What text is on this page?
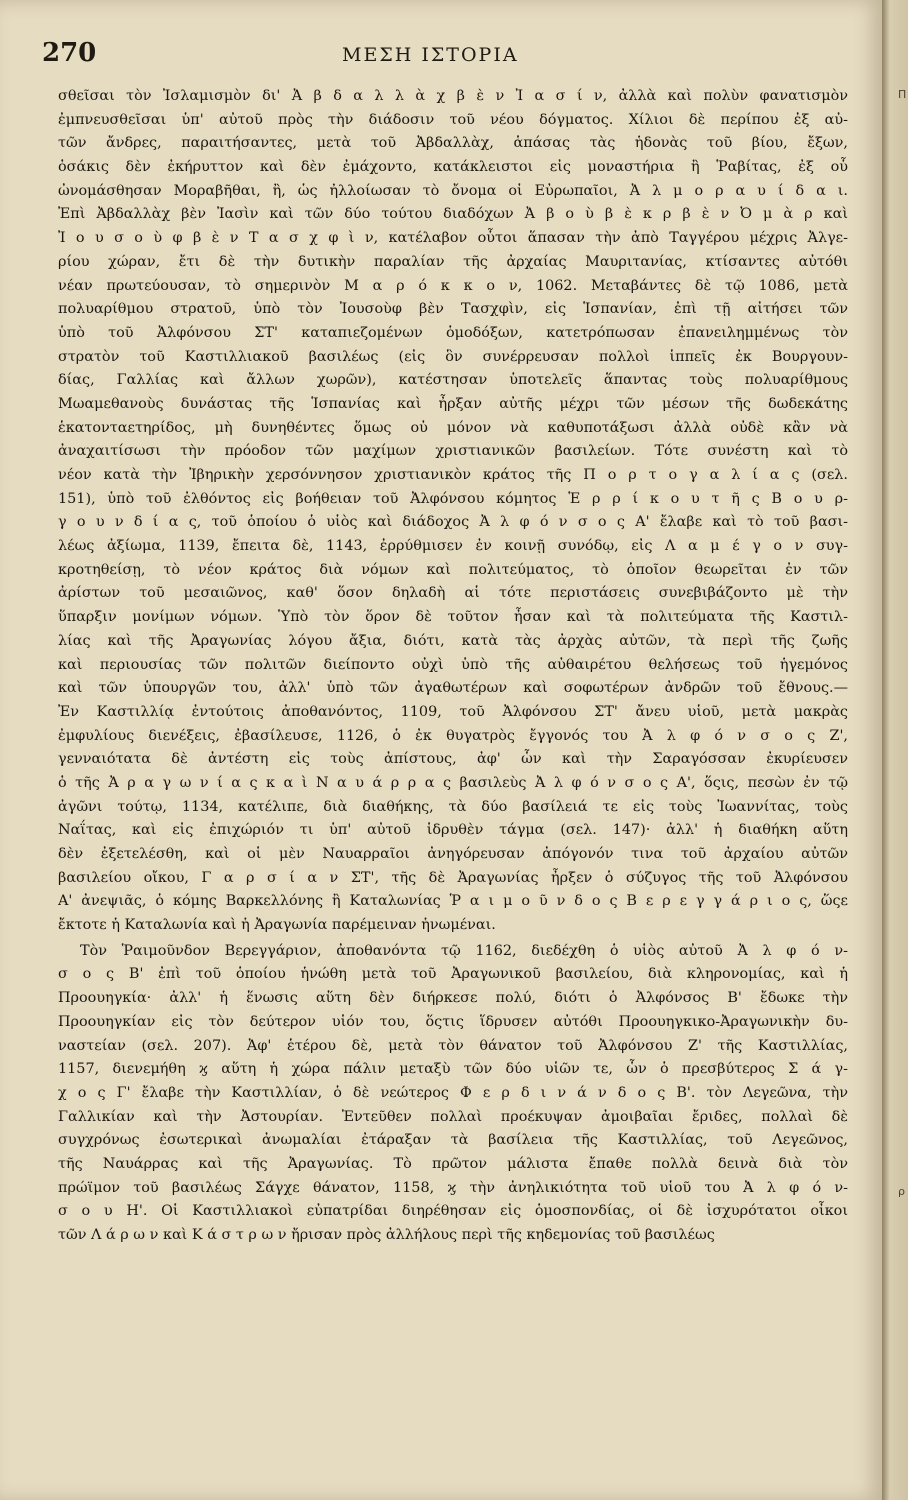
270	ΜΕΣΗ ΙΣΤΟΡΙΑ
σθεῖσαι τὸν Ἰσλαμισμὸν δι' Ἀ β δ α λ λ ὰ χ β ὲ ν Ἰ α σ ί ν, ἀλλὰ καὶ πολὺν φανατισμὸν
ἐμπνευσθεῖσαι ὑπ' αὐτοῦ πρὸς τὴν διάδοσιν τοῦ νέου δόγματος. Χίλιοι δὲ περίπου ἐξ αὐ-
τῶν ἄνδρες, παραιτήσαντες, μετὰ τοῦ Ἀβδαλλὰχ, ἁπάσας τὰς ἡδονὰς τοῦ βίου, ἔξων,
ὁσάκις δὲν ἐκήρυττον καὶ δὲν ἐμάχοντο, κατάκλειστοι εἰς μοναστήρια ἢ Ῥαβίτας, ἐξ οὗ
ὠνομάσθησαν Μοραβῆθαι, ἢ, ὡς ἠλλοίωσαν τὸ ὄνομα οἱ Εὐρωπαῖοι, Ἀ λ μ ο ρ α υ ί δ α ι.
Ἐπὶ Ἀβδαλλὰχ βὲν Ἰασὶν καὶ τῶν δύο τούτου διαδόχων Ἀ β ο ὺ β ὲ κ ρ β ὲ ν Ὀ μ ὰ ρ καὶ
Ἰ ο υ σ ο ὺ φ β ὲ ν Τ α σ χ φ ὶ ν, κατέλαβον οὗτοι ἅπασαν τὴν ἀπὸ Ταγγέρου μέχρις Ἀλγε-
ρίου χώραν, ἔτι δὲ τὴν δυτικὴν παραλίαν τῆς ἀρχαίας Μαυριτανίας, κτίσαντες αὐτόθι
νέαν πρωτεύουσαν, τὸ σημερινὸν Μ α ρ ό κ κ ο ν, 1062. Μεταβάντες δὲ τῷ 1086, μετὰ
πολυαρίθμου στρατοῦ, ὑπὸ τὸν Ἰουσοὺφ βὲν Τασχφὶν, εἰς Ἱσπανίαν, ἐπὶ τῇ αἰτήσει τῶν
ὑπὸ τοῦ Ἀλφόνσου ΣΤ' καταπιεζομένων ὁμοδόξων, κατετρόπωσαν ἐπανειλημμένως τὸν
στρατὸν τοῦ Καστιλλιακοῦ βασιλέως (εἰς ὃν συνέρρευσαν πολλοὶ ἱππεῖς ἐκ Βουργουν-
δίας, Γαλλίας καὶ ἄλλων χωρῶν), κατέστησαν ὑποτελεῖς ἅπαντας τοὺς πολυαρίθμους
Μωαμεθανοὺς δυνάστας τῆς Ἱσπανίας καὶ ἦρξαν αὐτῆς μέχρι τῶν μέσων τῆς δωδεκάτης
ἑκατονταετηρίδος, μὴ δυνηθέντες ὅμως οὐ μόνον νὰ καθυποτάξωσι ἀλλὰ οὐδὲ κἂν νὰ
ἀναχαιτίσωσι τὴν πρόοδον τῶν μαχίμων χριστιανικῶν βασιλείων. Τότε συνέστη καὶ τὸ
νέον κατὰ τὴν Ἰβηρικὴν χερσόννησον χριστιανικὸν κράτος τῆς Π ο ρ τ ο γ α λ ί α ς (σελ.
151), ὑπὸ τοῦ ἐλθόντος εἰς βοήθειαν τοῦ Ἀλφόνσου κόμητος Ἑ ρ ρ ί κ ο υ τ ῆ ς Β ο υ ρ-
γ ο υ ν δ ί α ς, τοῦ ὁποίου ὁ υἱὸς καὶ διάδοχος Ἀ λ φ ό ν σ ο ς Α' ἔλαβε καὶ τὸ τοῦ βασι-
λέως ἀξίωμα, 1139, ἔπειτα δὲ, 1143, ἐρρύθμισεν ἐν κοινῇ συνόδῳ, εἰς Λ α μ έ γ ο ν συγ-
κροτηθείσῃ, τὸ νέον κράτος διὰ νόμων καὶ πολιτεύματος, τὸ ὁποῖον θεωρεῖται ἐν τῶν
ἀρίστων τοῦ μεσαιῶνος, καθ' ὅσον δηλαδὴ αἱ τότε περιστάσεις συνεβιβάζοντο μὲ τὴν
ὕπαρξιν μονίμων νόμων. Ὑπὸ τὸν ὅρον δὲ τοῦτον ἦσαν καὶ τὰ πολιτεύματα τῆς Καστιλ-
λίας καὶ τῆς Ἀραγωνίας λόγου ἄξια, διότι, κατὰ τὰς ἀρχὰς αὐτῶν, τὰ περὶ τῆς ζωῆς
καὶ περιουσίας τῶν πολιτῶν διείποντο οὐχὶ ὑπὸ τῆς αὐθαιρέτου θελήσεως τοῦ ἡγεμόνος
καὶ τῶν ὑπουργῶν του, ἀλλ' ὑπὸ τῶν ἀγαθωτέρων καὶ σοφωτέρων ἀνδρῶν τοῦ ἔθνους.—
Ἐν Καστιλλίᾳ ἐντούτοις ἀποθανόντος, 1109, τοῦ Ἀλφόνσου ΣΤ' ἄνευ υἱοῦ, μετὰ μακρὰς
ἐμφυλίους διενέξεις, ἐβασίλευσε, 1126, ὁ ἐκ θυγατρὸς ἔγγονός του Ἀ λ φ ό ν σ ο ς Ζ',
γενναιότατα δὲ ἀντέστη εἰς τοὺς ἀπίστους, ἀφ' ὧν καὶ τὴν Σαραγόσσαν ἐκυρίευσεν
ὁ τῆς Ἀ ρ α γ ω ν ί α ς κ α ὶ Ν α υ ά ρ ρ α ς βασιλεὺς Ἀ λ φ ό ν σ ο ς Α', ὅςις, πεσὼν ἐν τῷ
ἀγῶνι τούτῳ, 1134, κατέλιπε, διὰ διαθήκης, τὰ δύο βασίλειά τε εἰς τοὺς Ἰωαννίτας, τοὺς
Ναΐτας, καὶ εἰς ἐπιχώριόν τι ὑπ' αὐτοῦ ἱδρυθὲν τάγμα (σελ. 147)· ἀλλ' ἡ διαθήκη αὕτη
δὲν ἐξετελέσθη, καὶ οἱ μὲν Ναυαρραῖοι ἀνηγόρευσαν ἀπόγονόν τινα τοῦ ἀρχαίου αὐτῶν
βασιλείου οἴκου, Γ α ρ σ ί α ν ΣΤ', τῆς δὲ Ἀραγωνίας ἦρξεν ὁ σύζυγος τῆς τοῦ Ἀλφόνσου
Α' ἀνεψιᾶς, ὁ κόμης Βαρκελλόνης ἢ Καταλωνίας Ῥ α ι μ ο ῦ ν δ ο ς Β ε ρ ε γ γ ά ρ ι ο ς, ὥςε
ἔκτοτε ἡ Καταλωνία καὶ ἡ Ἀραγωνία παρέμειναν ἡνωμέναι.
Τὸν Ῥαιμοῦνδον Βερεγγάριον, ἀποθανόντα τῷ 1162, διεδέχθη ὁ υἱὸς αὐτοῦ Ἀ λ φ ό ν-
σ ο ς Β' ἐπὶ τοῦ ὁποίου ἡνώθη μετὰ τοῦ Ἀραγωνικοῦ βασιλείου, διὰ κληρονομίας, καὶ ἡ
Προουηγκία· ἀλλ' ἡ ἕνωσις αὕτη δὲν διήρκεσε πολύ, διότι ὁ Ἀλφόνσος Β' ἔδωκε τὴν
Προουηγκίαν εἰς τὸν δεύτερον υἱόν του, ὅςτις ἵδρυσεν αὐτόθι Προουηγκικο-Ἀραγωνικὴν δυ-
ναστείαν (σελ. 207). Ἀφ' ἑτέρου δὲ, μετὰ τὸν θάνατον τοῦ Ἀλφόνσου Ζ' τῆς Καστιλλίας,
1157, διενεμήθη ϗ αὕτη ἡ χώρα πάλιν μεταξὺ τῶν δύο υἱῶν τε, ὧν ὁ πρεσβύτερος Σ ά γ-
χ ο ς Γ' ἔλαβε τὴν Καστιλλίαν, ὁ δὲ νεώτερος Φ ε ρ δ ι ν ά ν δ ο ς Β'. τὸν Λεγεῶνα, τὴν
Γαλλικίαν καὶ τὴν Ἀστουρίαν. Ἐντεῦθεν πολλαὶ προέκυψαν ἀμοιβαῖαι ἔριδες, πολλαὶ δὲ
συγχρόνως ἐσωτερικαὶ ἀνωμαλίαι ἐτάραξαν τὰ βασίλεια τῆς Καστιλλίας, τοῦ Λεγεῶνος,
τῆς Ναυάρρας καὶ τῆς Ἀραγωνίας. Τὸ πρῶτον μάλιστα ἔπαθε πολλὰ δεινὰ διὰ τὸν
πρώϊμον τοῦ βασιλέως Σάγχε θάνατον, 1158, ϗ τὴν ἀνηλικιότητα τοῦ υἱοῦ του Ἀ λ φ ό ν-
σ ο υ Η'. Οἱ Καστιλλιακοὶ εὐπατρίδαι διηρέθησαν εἰς ὁμοσπονδίας, οἱ δὲ ἰσχυρότατοι οἶκοι
τῶν Λ ά ρ ω ν καὶ Κ ά σ τ ρ ω ν ἤρισαν πρὸς ἀλλήλους περὶ τῆς κηδεμονίας τοῦ βασιλέως
Π
ρ
